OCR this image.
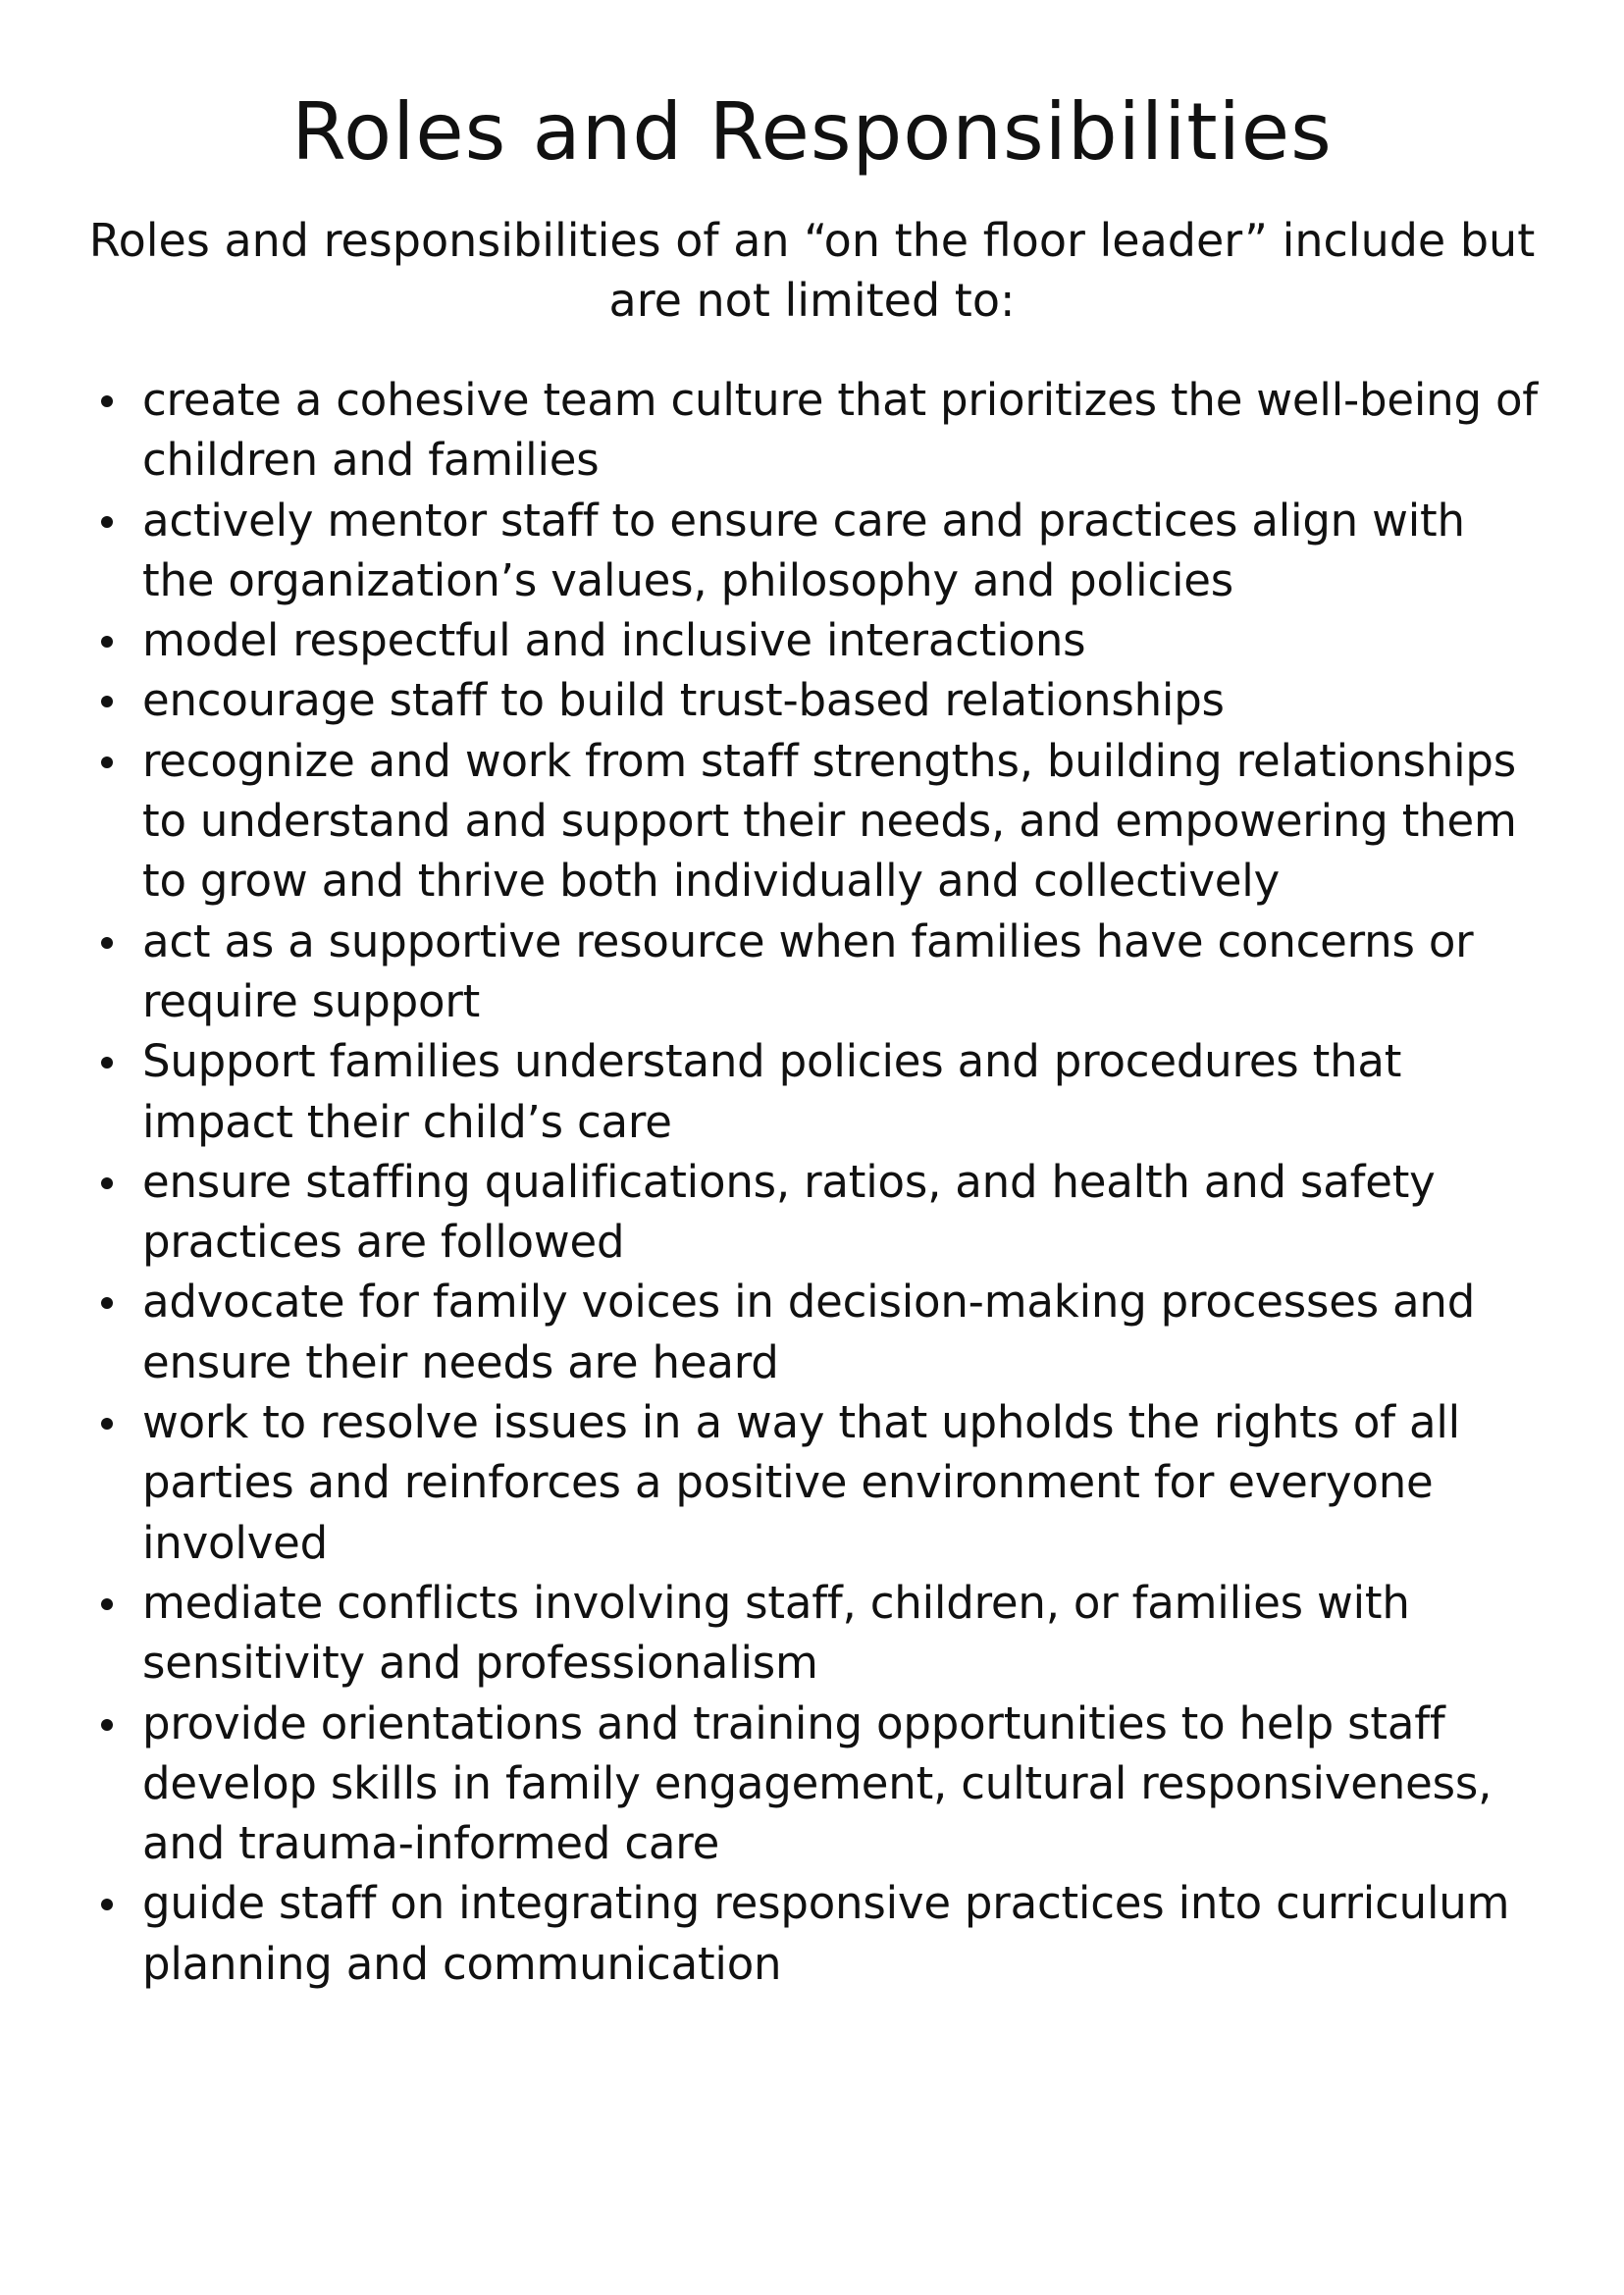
Roles and Responsibilities

Roles and responsibilities of an “on the floor leader” include but are not limited to:

create a cohesive team culture that prioritizes the well-being of children and families
actively mentor staff to ensure care and practices align with the organization’s values, philosophy and policies
model respectful and inclusive interactions
encourage staff to build trust-based relationships
recognize and work from staff strengths, building relationships to understand and support their needs, and empowering them to grow and thrive both individually and collectively
act as a supportive resource when families have concerns or require support
Support families understand policies and procedures that impact their child’s care
ensure staffing qualifications, ratios, and health and safety practices are followed
advocate for family voices in decision-making processes and ensure their needs are heard
work to resolve issues in a way that upholds the rights of all parties and reinforces a positive environment for everyone involved
mediate conflicts involving staff, children, or families with sensitivity and professionalism
provide orientations and training opportunities to help staff develop skills in family engagement, cultural responsiveness, and trauma-informed care
guide staff on integrating responsive practices into curriculum planning and communication
